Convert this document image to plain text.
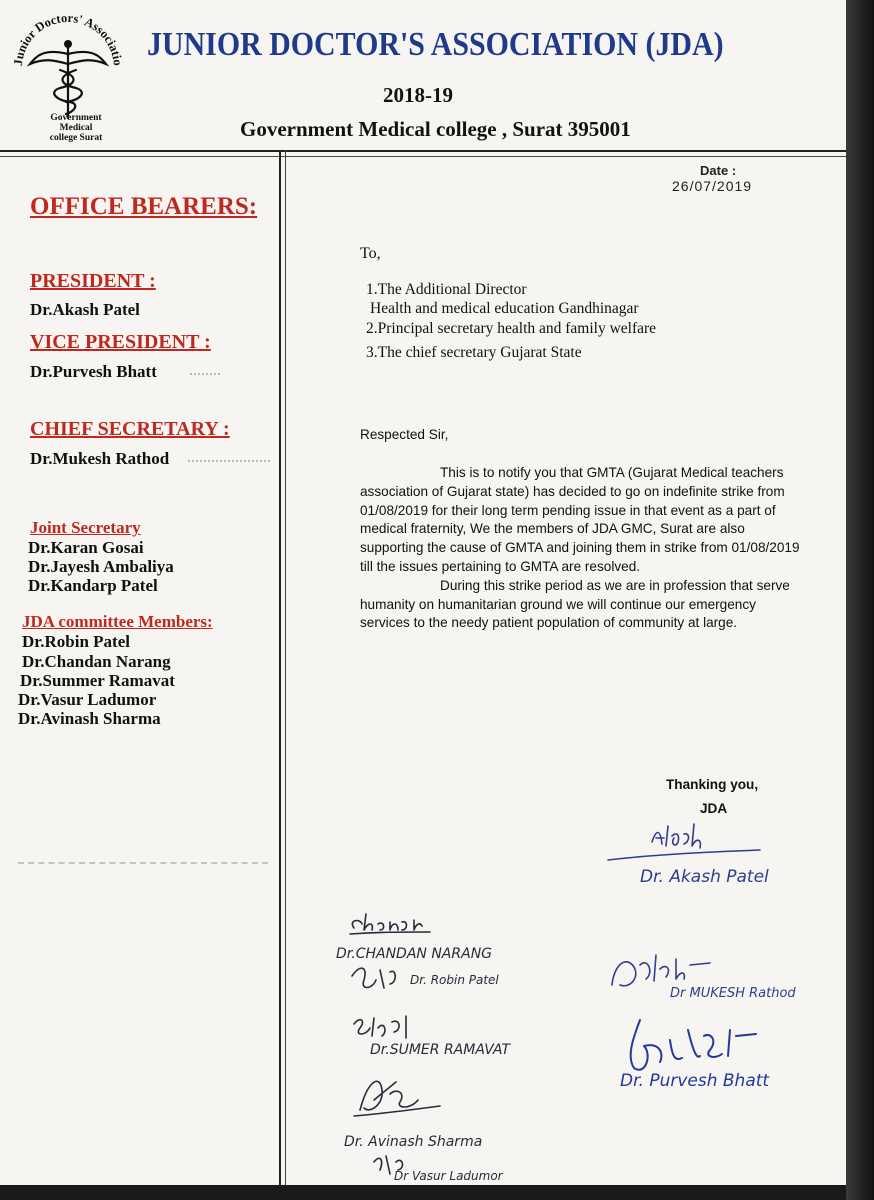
Junior Doctors' Associatio
Government
Medical
college Surat
JUNIOR DOCTOR'S ASSOCIATION (JDA)
2018-19
Government Medical college , Surat 395001
OFFICE BEARERS:
PRESIDENT :
Dr.Akash Patel
VICE PRESIDENT :
Dr.Purvesh Bhatt
CHIEF SECRETARY :
Dr.Mukesh Rathod
Joint Secretary
Dr.Karan Gosai
Dr.Jayesh Ambaliya
Dr.Kandarp Patel
JDA committee Members:
Dr.Robin Patel
Dr.Chandan Narang
Dr.Summer Ramavat
Dr.Vasur Ladumor
Dr.Avinash Sharma
Date :
26/07/2019
To,
1.The Additional Director
Health and medical education Gandhinagar
2.Principal secretary health and family welfare
3.The chief secretary Gujarat State
Respected Sir,

This is to notify you that GMTA (Gujarat Medical teachers association of Gujarat state) has decided to go on indefinite strike from 01/08/2019 for their long term pending issue in that event as a part of medical fraternity, We the members of JDA GMC, Surat are also supporting the cause of GMTA and joining them in strike from 01/08/2019 till the issues pertaining to GMTA are resolved.

During this strike period as we are in profession that serve humanity on humanitarian ground we will continue our emergency services to the needy patient population of community at large.

Thanking you,
JDA
Dr. Akash Patel
Dr.CHANDAN NARANG
Dr. Robin Patel
Dr.SUMER RAMAVAT
Dr MUKESH Rathod
Dr. Purvesh Bhatt
Dr. Avinash Sharma
Dr Vasur Ladumor
